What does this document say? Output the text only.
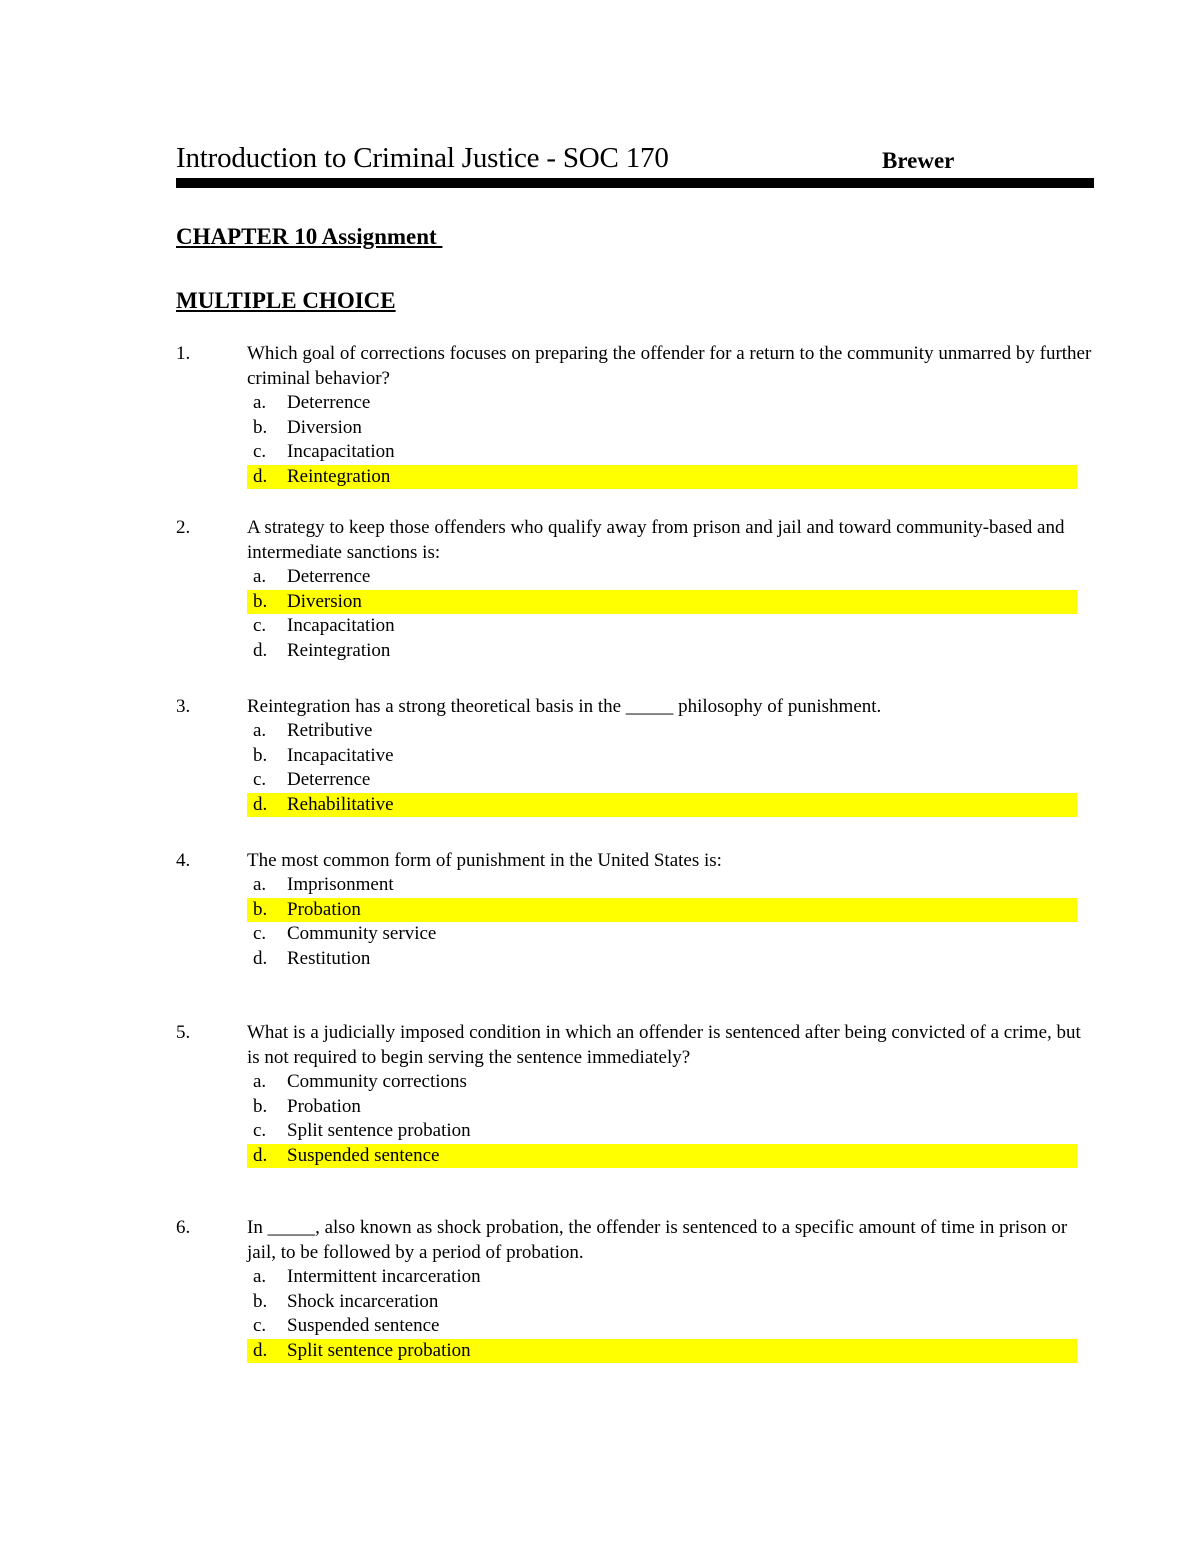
Introduction to Criminal Justice - SOC 170	Brewer
CHAPTER 10 Assignment
MULTIPLE CHOICE
1.	Which goal of corrections focuses on preparing the offender for a return to the community unmarred by further criminal behavior?
a. Deterrence
b. Diversion
c. Incapacitation
d. Reintegration
2.	A strategy to keep those offenders who qualify away from prison and jail and toward community-based and intermediate sanctions is:
a. Deterrence
b. Diversion
c. Incapacitation
d. Reintegration
3.	Reintegration has a strong theoretical basis in the _____ philosophy of punishment.
a. Retributive
b. Incapacitative
c. Deterrence
d. Rehabilitative
4.	The most common form of punishment in the United States is:
a. Imprisonment
b. Probation
c. Community service
d. Restitution
5.	What is a judicially imposed condition in which an offender is sentenced after being convicted of a crime, but is not required to begin serving the sentence immediately?
a. Community corrections
b. Probation
c. Split sentence probation
d. Suspended sentence
6.	In _____, also known as shock probation, the offender is sentenced to a specific amount of time in prison or jail, to be followed by a period of probation.
a. Intermittent incarceration
b. Shock incarceration
c. Suspended sentence
d. Split sentence probation
